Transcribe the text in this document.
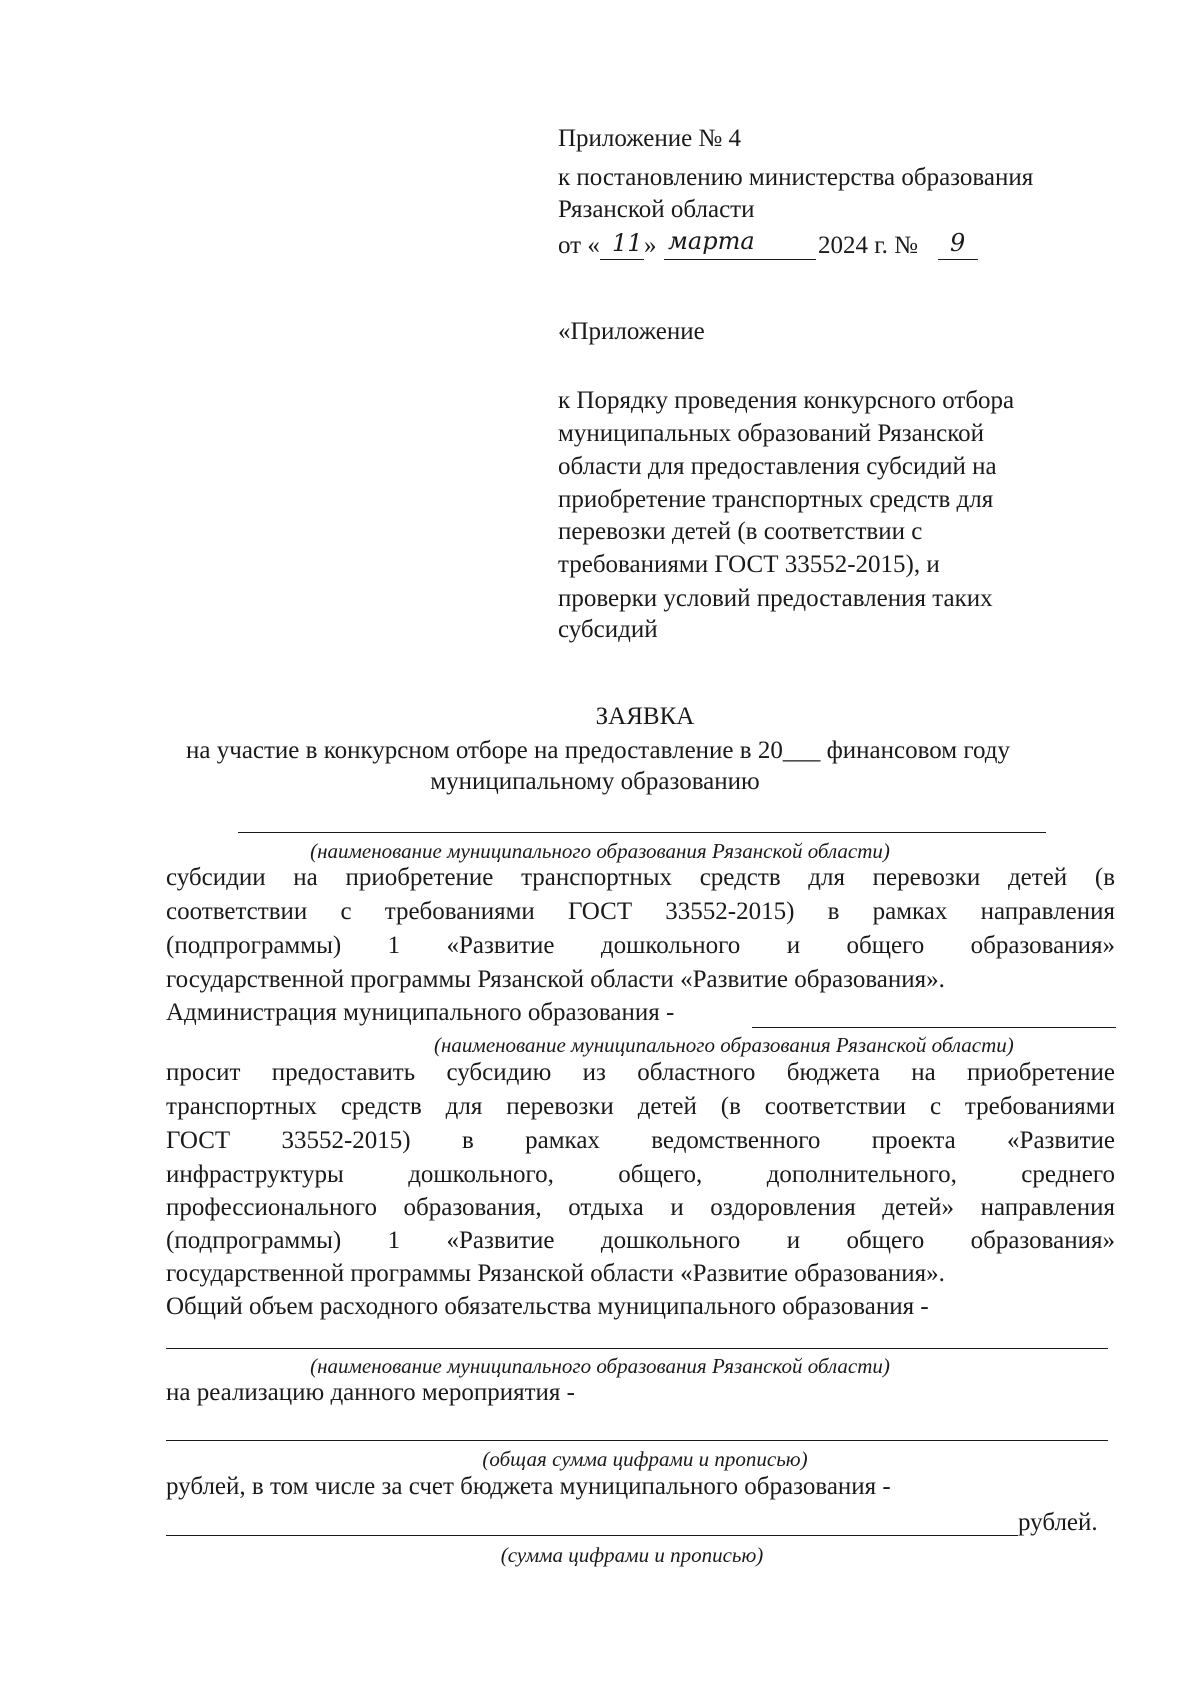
Приложение № 4
к постановлению министерства образования
Рязанской области
от « 11 » марта	2024 г. № 9
«Приложение
к Порядку проведения конкурсного отбора
муниципальных образований Рязанской
области для предоставления субсидий на
приобретение транспортных средств для
перевозки детей (в соответствии с
требованиями ГОСТ 33552-2015), и
проверки условий предоставления таких
субсидий
ЗАЯВКА
на участие в конкурсном отборе на предоставление в 20___ финансовом году
муниципальному образованию
(наименование муниципального образования Рязанской области)
субсидии на приобретение транспортных средств для перевозки детей (в
соответствии с требованиями ГОСТ 33552-2015) в рамках направления
(подпрограммы) 1 «Развитие дошкольного и общего образования»
государственной программы Рязанской области «Развитие образования».
Администрация муниципального образования -
(наименование муниципального образования Рязанской области)
просит предоставить субсидию из областного бюджета на приобретение
транспортных средств для перевозки детей (в соответствии с требованиями
ГОСТ 33552-2015) в рамках ведомственного проекта «Развитие
инфраструктуры дошкольного, общего, дополнительного, среднего
профессионального образования, отдыха и оздоровления детей» направления
(подпрограммы) 1 «Развитие дошкольного и общего образования»
государственной программы Рязанской области «Развитие образования».
Общий объем расходного обязательства муниципального образования -
(наименование муниципального образования Рязанской области)
на реализацию данного мероприятия -
(общая сумма цифрами и прописью)
рублей, в том числе за счет бюджета муниципального образования -
рублей.
(сумма цифрами и прописью)
